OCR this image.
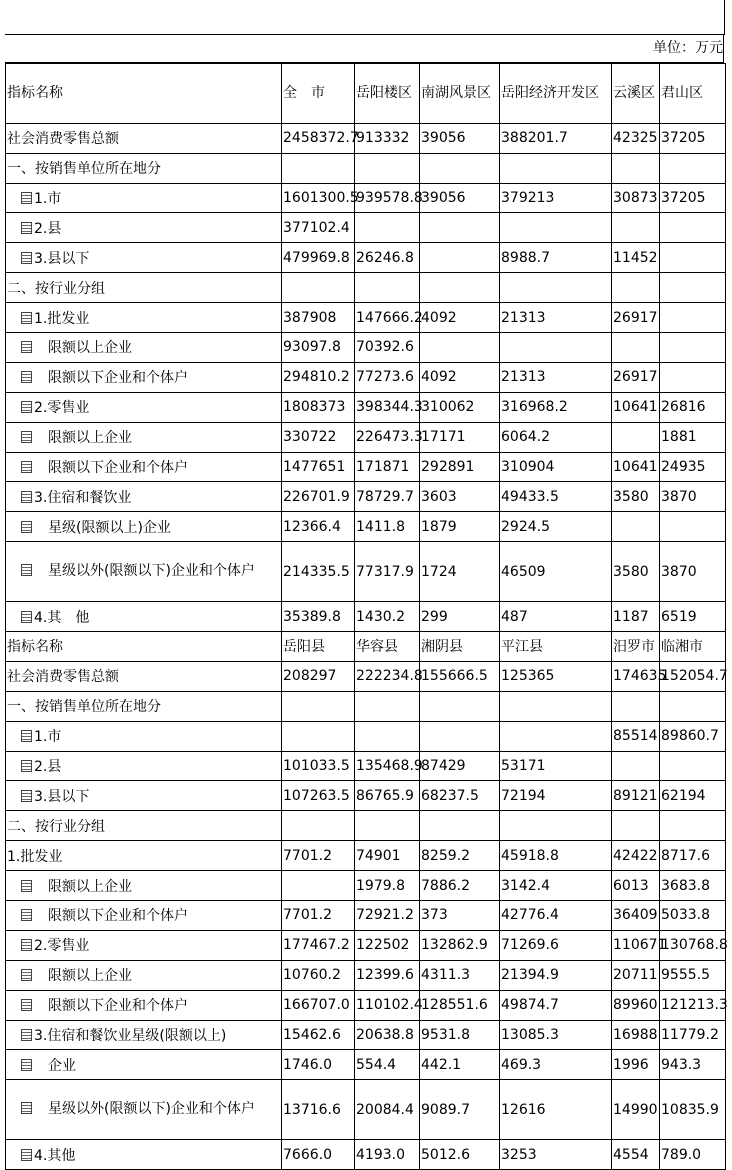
单位：万元
指标名称	全　市	岳阳楼区	南湖风景区	岳阳经济开发区	云溪区	君山区
社会消费零售总额	2458372.7	913332	39056	388201.7	42325	37205
一、按销售单位所在地分						
1.市	1601300.5	939578.8	39056	379213	30873	37205
2.县	377102.4					
3.县以下	479969.8	26246.8		8988.7	11452	
二、按行业分组						
1.批发业	387908	147666.2	4092	21313	26917	
限额以上企业	93097.8	70392.6				
限额以下企业和个体户	294810.2	77273.6	4092	21313	26917	
2.零售业	1808373	398344.3	310062	316968.2	10641	26816
限额以上企业	330722	226473.3	17171	6064.2		1881
限额以下企业和个体户	1477651	171871	292891	310904	10641	24935
3.住宿和餐饮业	226701.9	78729.7	3603	49433.5	3580	3870
星级(限额以上)企业	12366.4	1411.8	1879	2924.5		
星级以外(限额以下)企业和个体户	214335.5	77317.9	1724	46509	3580	3870
4.其　他	35389.8	1430.2	299	487	1187	6519
指标名称	岳阳县	华容县	湘阴县	平江县	汨罗市	临湘市
社会消费零售总额	208297	222234.8	155666.5	125365	174635	152054.7
一、按销售单位所在地分						
1.市					85514	89860.7
2.县	101033.5	135468.9	87429	53171		
3.县以下	107263.5	86765.9	68237.5	72194	89121	62194
二、按行业分组						
1.批发业	7701.2	74901	8259.2	45918.8	42422	8717.6
限额以上企业		1979.8	7886.2	3142.4	6013	3683.8
限额以下企业和个体户	7701.2	72921.2	373	42776.4	36409	5033.8
2.零售业	177467.2	122502	132862.9	71269.6	110671	130768.8
限额以上企业	10760.2	12399.6	4311.3	21394.9	20711	9555.5
限额以下企业和个体户	166707.0	110102.4	128551.6	49874.7	89960	121213.3
3.住宿和餐饮业星级(限额以上)	15462.6	20638.8	9531.8	13085.3	16988	11779.2
企业	1746.0	554.4	442.1	469.3	1996	943.3
星级以外(限额以下)企业和个体户	13716.6	20084.4	9089.7	12616	14990	10835.9
4.其他	7666.0	4193.0	5012.6	3253	4554	789.0
